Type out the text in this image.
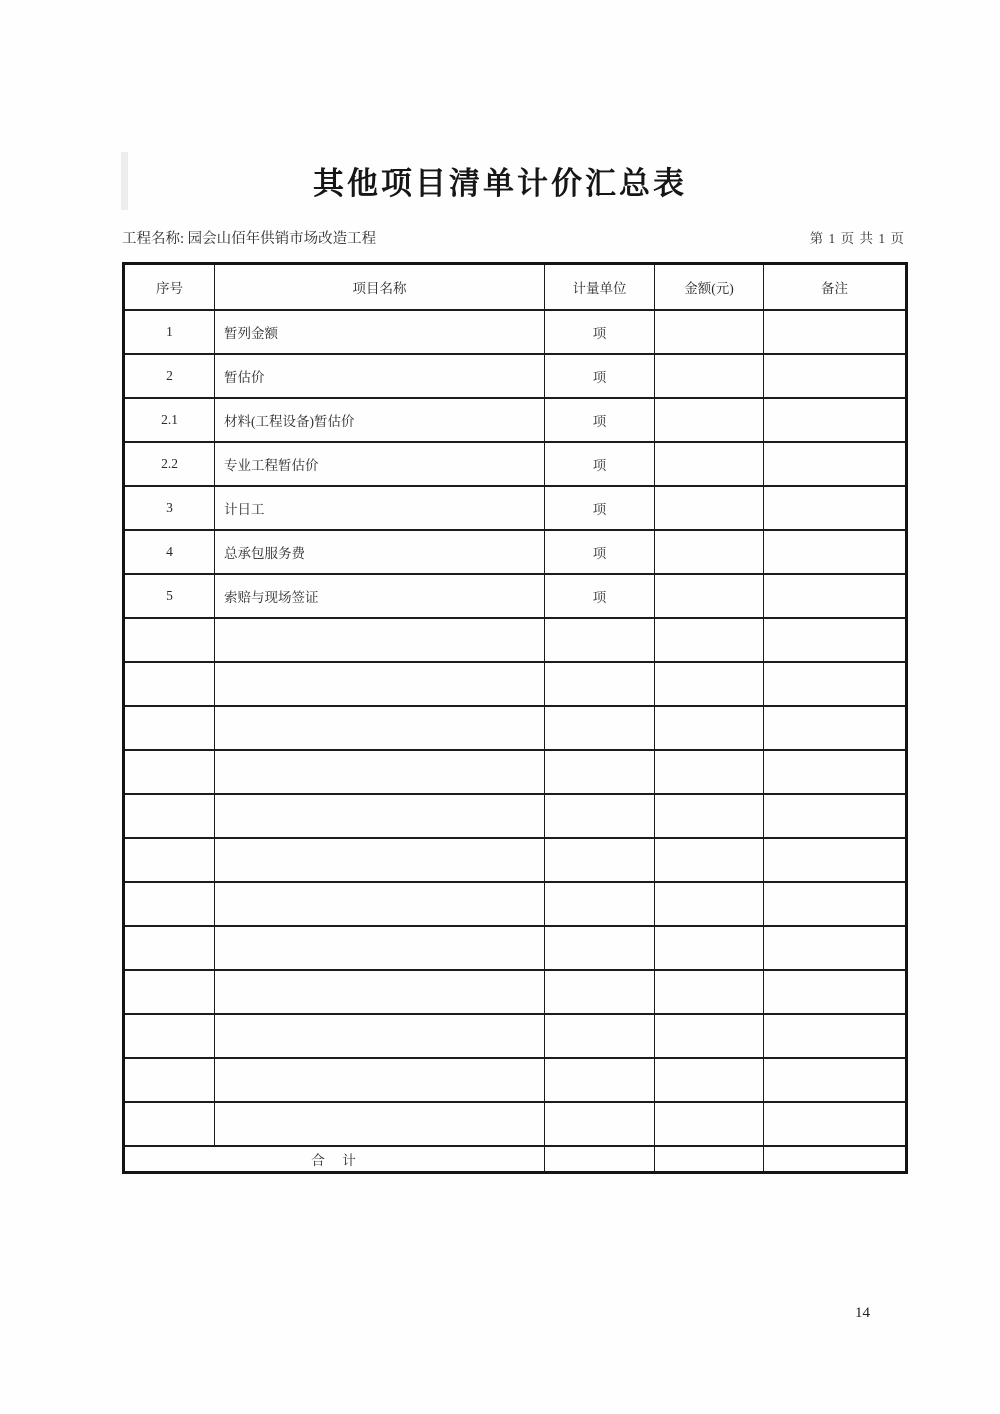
其他项目清单计价汇总表
工程名称: 园会山佰年供销市场改造工程	第 1 页 共 1 页
序号	项目名称	计量单位	金额(元)	备注
1	暂列金额	项		
2	暂估价	项		
2.1	材料(工程设备)暂估价	项		
2.2	专业工程暂估价	项		
3	计日工	项		
4	总承包服务费	项		
5	索赔与现场签证	项		

合　计				
14
